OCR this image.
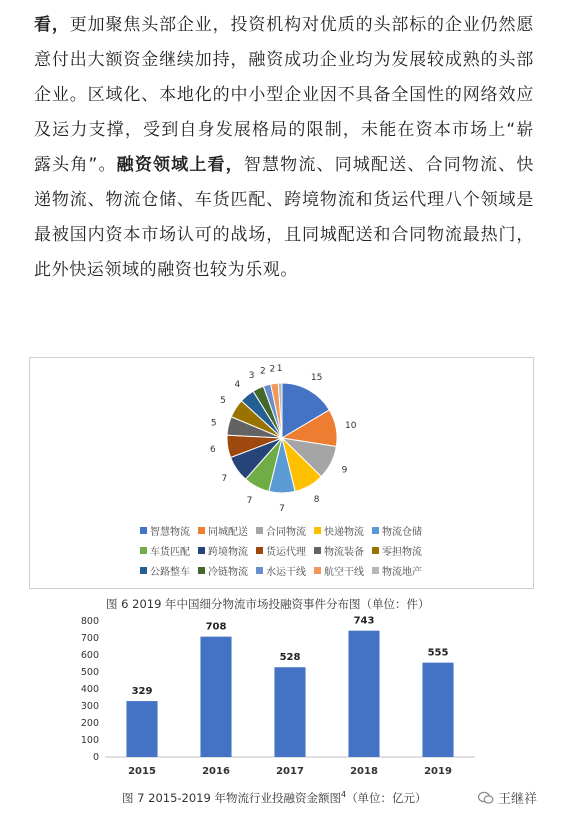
看，更加聚焦头部企业，投资机构对优质的头部标的企业仍然愿意付出大额资金继续加持，融资成功企业均为发展较成熟的头部企业。区域化、本地化的中小型企业因不具备全国性的网络效应及运力支撑，受到自身发展格局的限制，未能在资本市场上“崭露头角”。融资领域上看，智慧物流、同城配送、合同物流、快递物流、物流仓储、车货匹配、跨境物流和货运代理八个领域是最被国内资本市场认可的战场，且同城配送和合同物流最热门，此外快运领域的融资也较为乐观。
15
10
9
8
7
7
7
6
5
5
4
3 2 2 1
智慧物流 同城配送 合同物流 快递物流 物流仓储
车货匹配 跨境物流 货运代理 物流装备 零担物流
公路整车 冷链物流 水运干线 航空干线 物流地产
图 6 2019 年中国细分物流市场投融资事件分布图（单位：件）
0
100
200
300
400
500
600
700
800
329
2015
708
2016
528
2017
743
2018
555
2019
图 7 2015-2019 年物流行业投融资金额图$^4$（单位：亿元）	王继祥
